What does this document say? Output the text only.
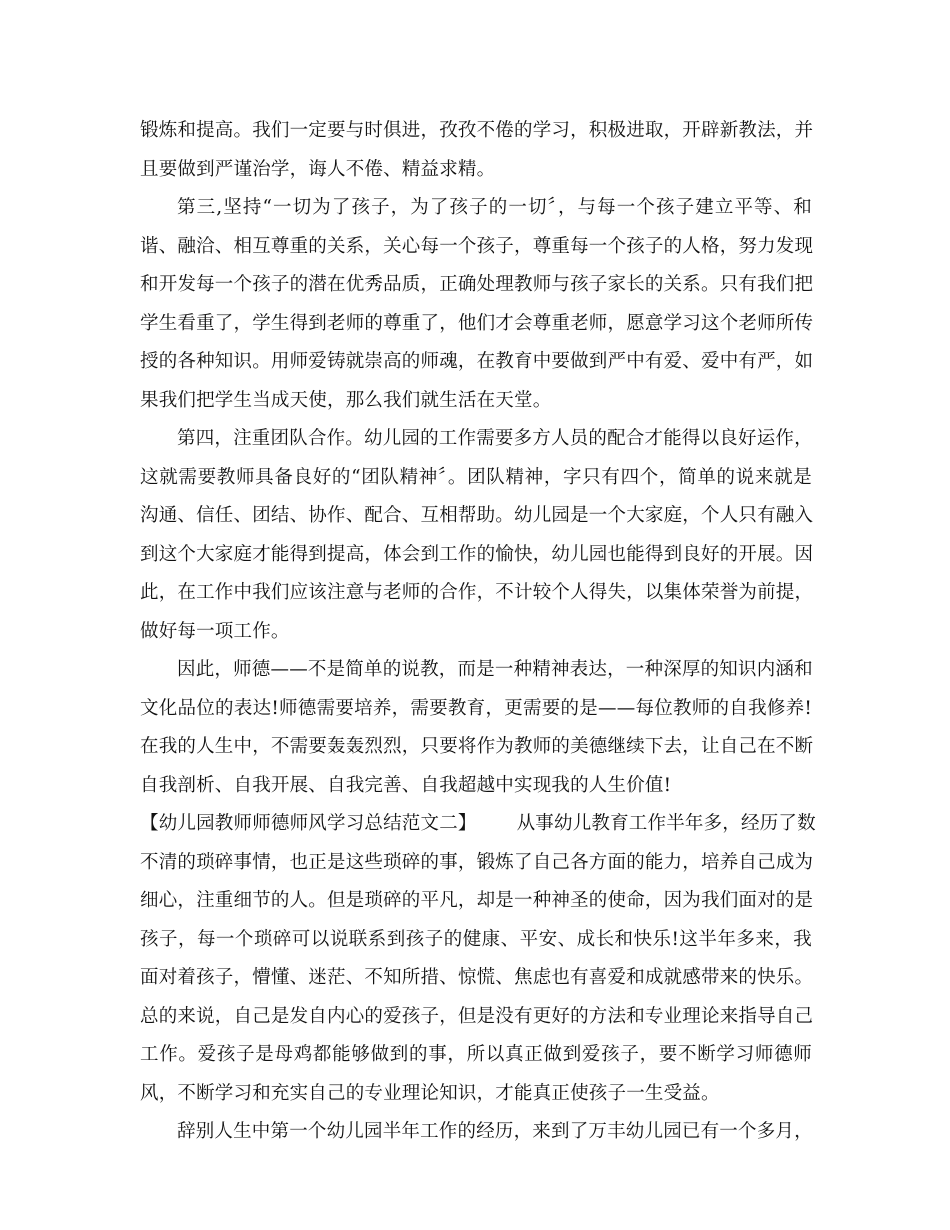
锻炼和提高。我们一定要与时俱进，孜孜不倦的学习，积极进取，开辟新教法，并
且要做到严谨治学，诲人不倦、精益求精。
第三,坚持“一切为了孩子，为了孩子的一切〞，与每一个孩子建立平等、和
谐、融洽、相互尊重的关系，关心每一个孩子，尊重每一个孩子的人格，努力发现
和开发每一个孩子的潜在优秀品质，正确处理教师与孩子家长的关系。只有我们把
学生看重了，学生得到老师的尊重了，他们才会尊重老师，愿意学习这个老师所传
授的各种知识。用师爱铸就崇高的师魂，在教育中要做到严中有爱、爱中有严，如
果我们把学生当成天使，那么我们就生活在天堂。
第四，注重团队合作。幼儿园的工作需要多方人员的配合才能得以良好运作，
这就需要教师具备良好的“团队精神〞。团队精神，字只有四个，简单的说来就是
沟通、信任、团结、协作、配合、互相帮助。幼儿园是一个大家庭，个人只有融入
到这个大家庭才能得到提高，体会到工作的愉快，幼儿园也能得到良好的开展。因
此，在工作中我们应该注意与老师的合作，不计较个人得失，以集体荣誉为前提，
做好每一项工作。
因此，师德——不是简单的说教，而是一种精神表达，一种深厚的知识内涵和
文化品位的表达!师德需要培养，需要教育，更需要的是——每位教师的自我修养!
在我的人生中，不需要轰轰烈烈，只要将作为教师的美德继续下去，让自己在不断
自我剖析、自我开展、自我完善、自我超越中实现我的人生价值!
【幼儿园教师师德师风学习总结范文二】 从事幼儿教育工作半年多，经历了数
不清的琐碎事情，也正是这些琐碎的事，锻炼了自己各方面的能力，培养自己成为
细心，注重细节的人。但是琐碎的平凡，却是一种神圣的使命，因为我们面对的是
孩子，每一个琐碎可以说联系到孩子的健康、平安、成长和快乐!这半年多来，我
面对着孩子，懵懂、迷茫、不知所措、惊慌、焦虑也有喜爱和成就感带来的快乐。
总的来说，自己是发自内心的爱孩子，但是没有更好的方法和专业理论来指导自己
工作。爱孩子是母鸡都能够做到的事，所以真正做到爱孩子，要不断学习师德师
风，不断学习和充实自己的专业理论知识，才能真正使孩子一生受益。
辞别人生中第一个幼儿园半年工作的经历，来到了万丰幼儿园已有一个多月，
